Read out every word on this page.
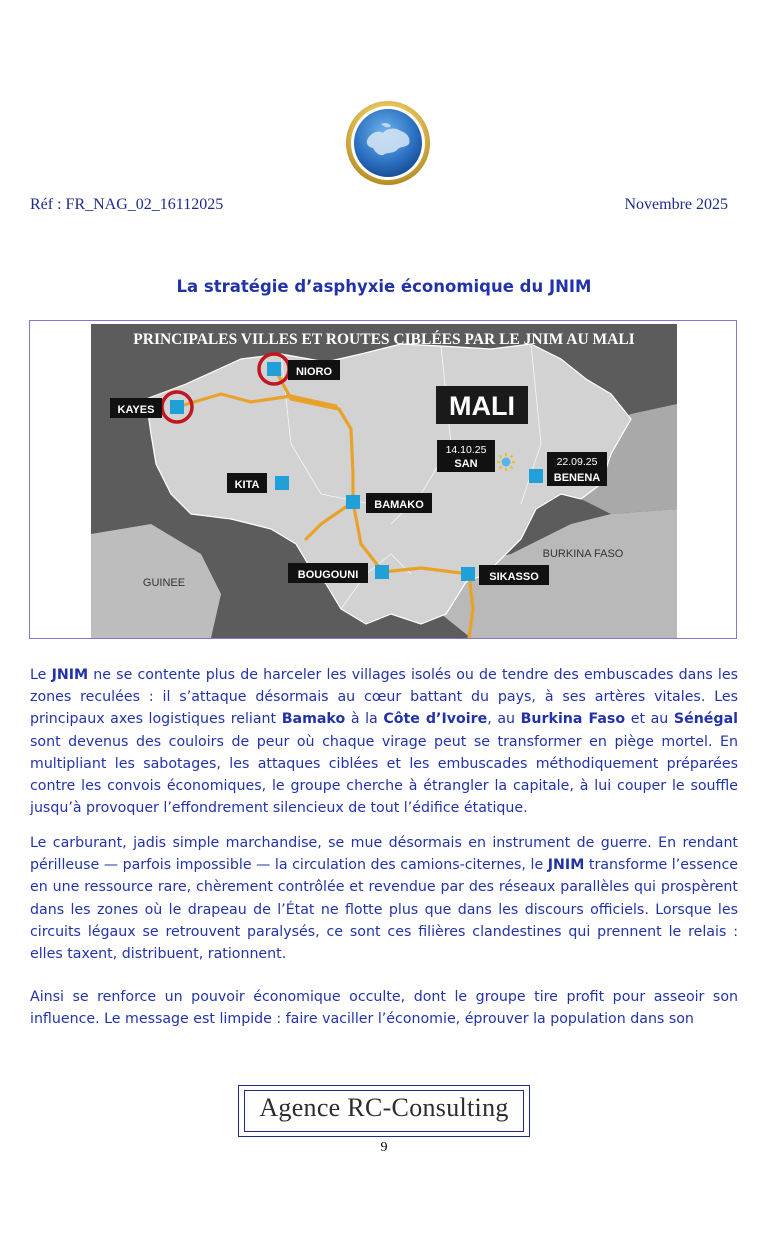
Réf : FR_NAG_02_16112025	Novembre 2025
La stratégie d’asphyxie économique du JNIM
PRINCIPALES VILLES ET ROUTES CIBLÉES PAR LE JNIM AU MALI
MALI
NIORO
KAYES
KITA
BAMAKO
BOUGOUNI	SIKASSO
14.10.25
SAN	22.09.25
BENENA
GUINEE
BURKINA FASO
Le JNIM ne se contente plus de harceler les villages isolés ou de tendre des embuscades dans les zones reculées : il s’attaque désormais au cœur battant du pays, à ses artères vitales. Les principaux axes logistiques reliant Bamako à la Côte d’Ivoire, au Burkina Faso et au Sénégal sont devenus des couloirs de peur où chaque virage peut se transformer en piège mortel. En multipliant les sabotages, les attaques ciblées et les embuscades méthodiquement préparées contre les convois économiques, le groupe cherche à étrangler la capitale, à lui couper le souffle jusqu’à provoquer l’effondrement silencieux de tout l’édifice étatique.
Le carburant, jadis simple marchandise, se mue désormais en instrument de guerre. En rendant périlleuse — parfois impossible — la circulation des camions-citernes, le JNIM transforme l’essence en une ressource rare, chèrement contrôlée et revendue par des réseaux parallèles qui prospèrent dans les zones où le drapeau de l’État ne flotte plus que dans les discours officiels. Lorsque les circuits légaux se retrouvent paralysés, ce sont ces filières clandestines qui prennent le relais : elles taxent, distribuent, rationnent.
Ainsi se renforce un pouvoir économique occulte, dont le groupe tire profit pour asseoir son influence. Le message est limpide : faire vaciller l’économie, éprouver la population dans son
Agence RC-Consulting
9
